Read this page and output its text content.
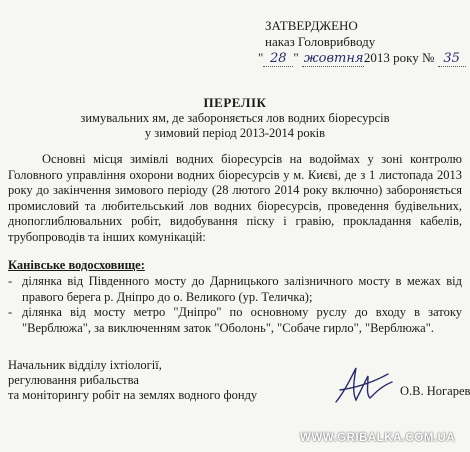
ЗАТВЕРДЖЕНО
наказ Головрибводу
" 28 " жовтня2013 року № 35
ПЕРЕЛІК
зимувальних ям, де забороняється лов водних біоресурсів
у зимовий період 2013-2014 років
Основні місця зимівлі водних біоресурсів на водоймах у зоні контролю Головного управління охорони водних біоресурсів у м. Києві, де з 1 листопада 2013 року до закінчення зимового періоду (28 лютого 2014 року включно) забороняється промисловий та любительський лов водних біоресурсів, проведення будівельних, днопоглиблювальних робіт, видобування піску і гравію, прокладання кабелів, трубопроводів та інших комунікацій:
Канівське водосховище:
- ділянка від Південного мосту до Дарницького залізничного мосту в межах від правого берега р. Дніпро до о. Великого (ур. Теличка);
- ділянка від мосту метро "Дніпро" по основному руслу до входу в затоку "Верблюжа", за виключенням заток "Оболонь", "Собаче гирло", "Верблюжа".
Начальник відділу іхтіології,
регулювання рибальства
та моніторингу робіт на землях водного фонду	О.В. Ногарев
WWW.GRIBALKA.COM.UA
